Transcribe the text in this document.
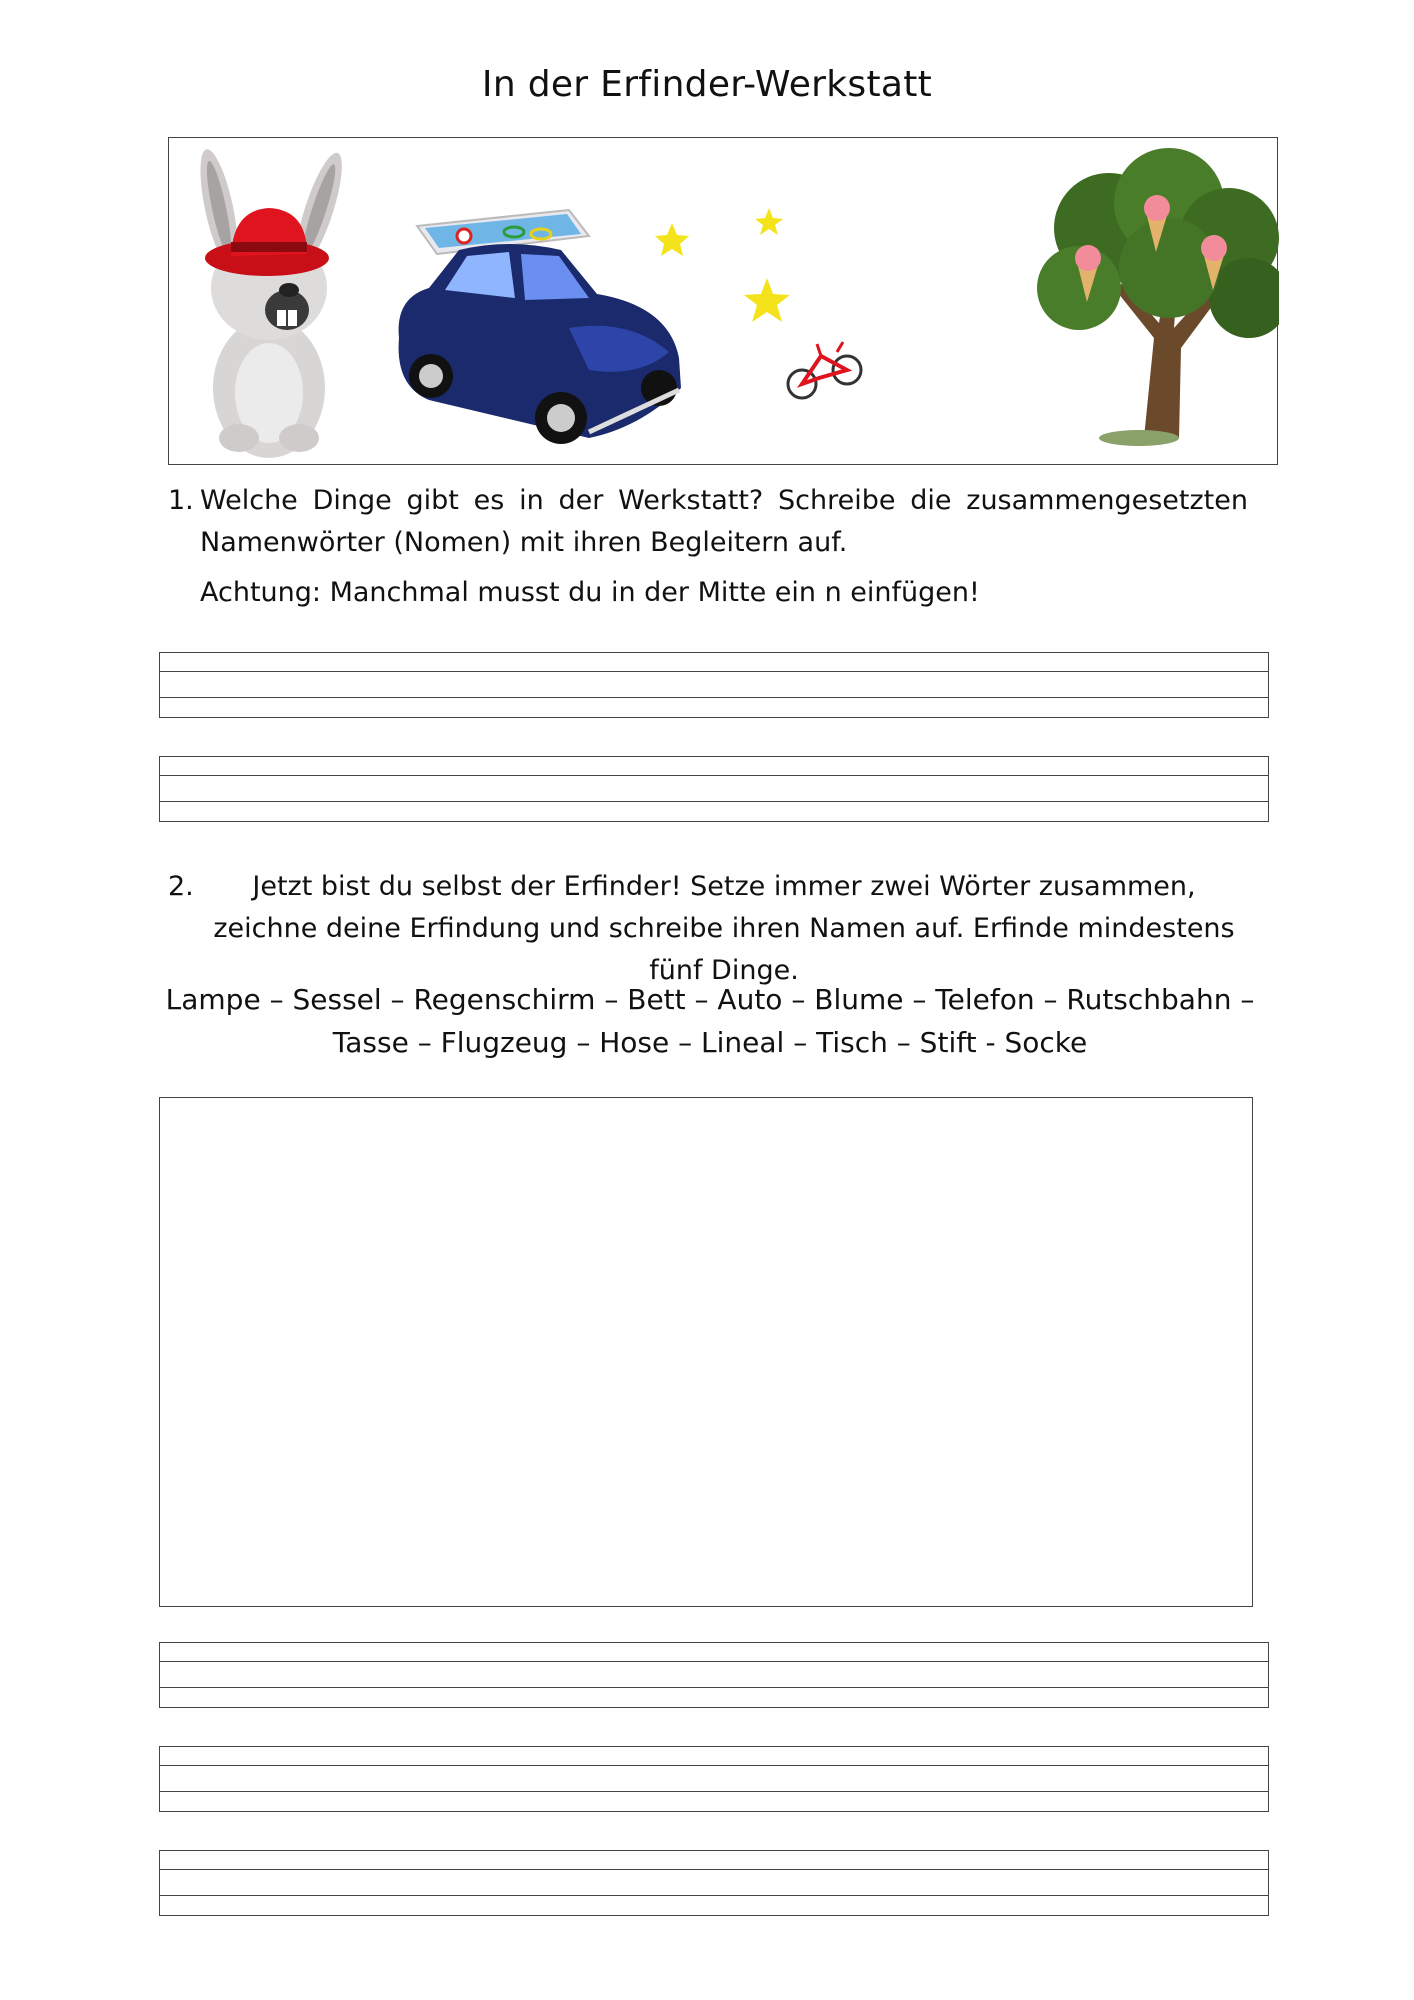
In der Erfinder-Werkstatt
1. Welche Dinge gibt es in der Werkstatt? Schreibe die zusammengesetzten Namenwörter (Nomen) mit ihren Begleitern auf.
Achtung: Manchmal musst du in der Mitte ein n einfügen!
2.	Jetzt bist du selbst der Erfinder! Setze immer zwei Wörter zusammen, zeichne deine Erfindung und schreibe ihren Namen auf. Erfinde mindestens fünf Dinge.
Lampe – Sessel – Regenschirm – Bett – Auto – Blume – Telefon – Rutschbahn –
Tasse – Flugzeug – Hose – Lineal – Tisch – Stift - Socke
